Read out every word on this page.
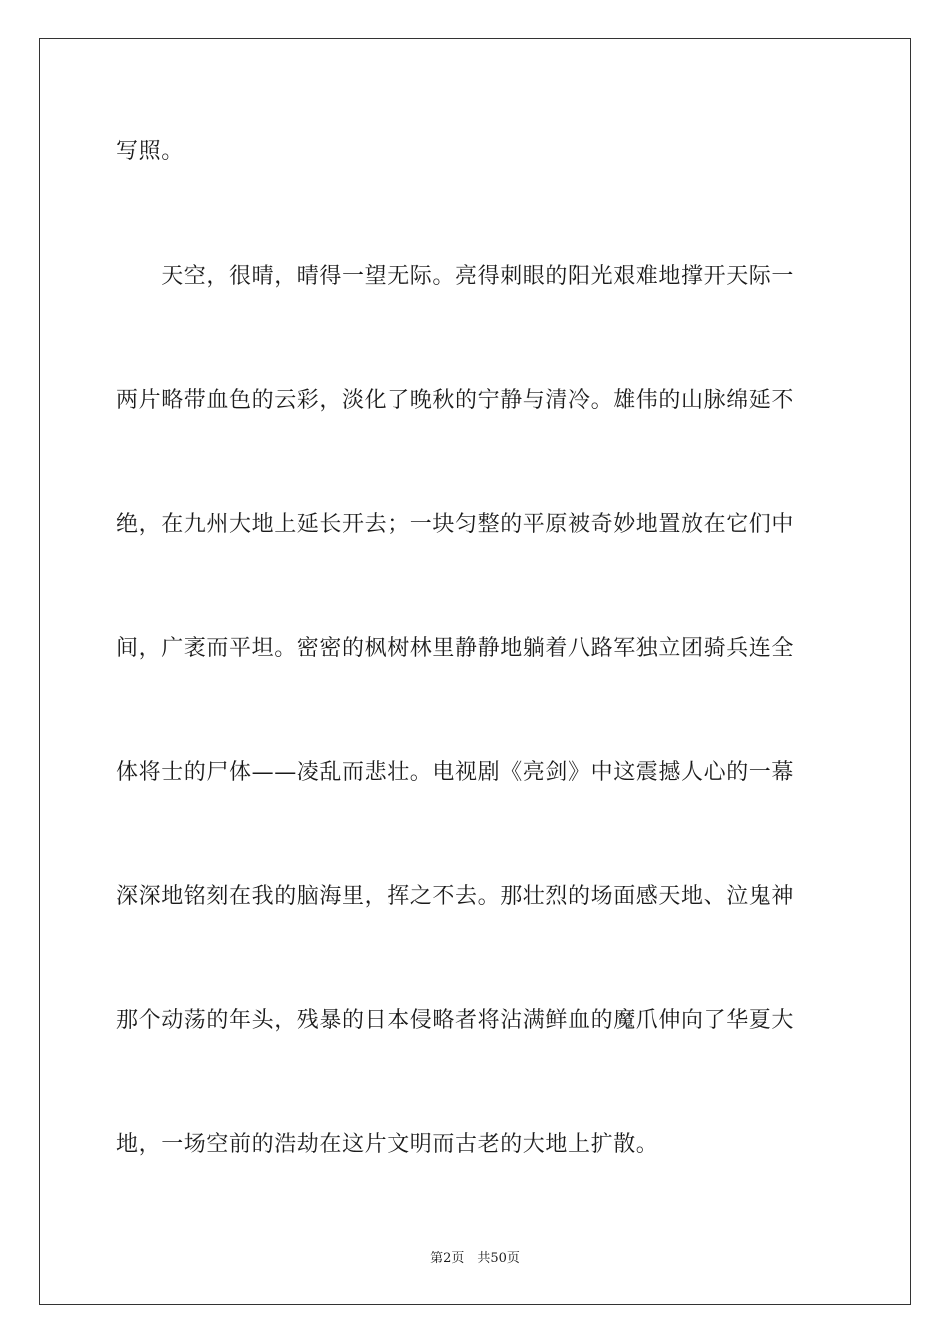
写照。
　　天空，很晴，晴得一望无际。亮得刺眼的阳光艰难地撑开天际一
两片略带血色的云彩，淡化了晚秋的宁静与清冷。雄伟的山脉绵延不
绝，在九州大地上延长开去；一块匀整的平原被奇妙地置放在它们中
间，广袤而平坦。密密的枫树林里静静地躺着八路军独立团骑兵连全
体将士的尸体——凌乱而悲壮。电视剧《亮剑》中这震撼人心的一幕
深深地铭刻在我的脑海里，挥之不去。那壮烈的场面感天地、泣鬼神
那个动荡的年头，残暴的日本侵略者将沾满鲜血的魔爪伸向了华夏大
地，一场空前的浩劫在这片文明而古老的大地上扩散。
第2页　共50页
